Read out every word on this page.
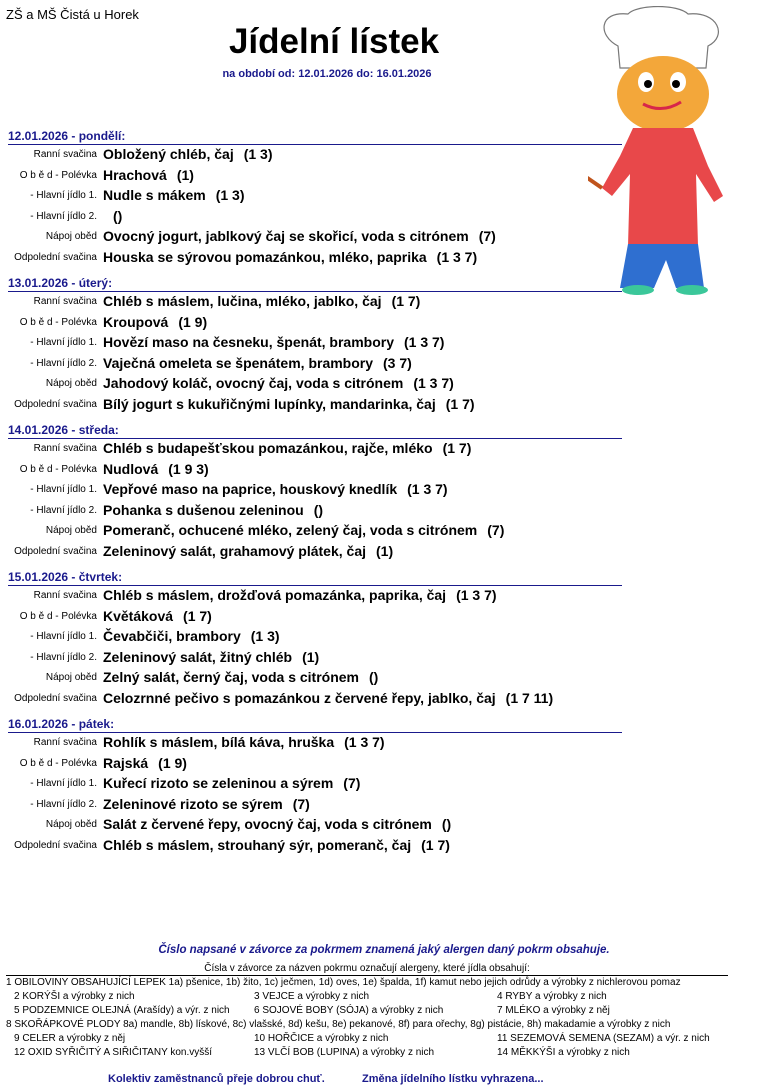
ZŠ a MŠ Čistá u Horek
Jídelní lístek
na období od: 12.01.2026 do: 16.01.2026
12.01.2026 - pondělí:
Ranní svačina Obložený chléb, čaj (1 3)
O b ě d - Polévka Hrachová (1)
- Hlavní jídlo 1. Nudle s mákem (1 3)
- Hlavní jídlo 2.	()
Nápoj oběd Ovocný jogurt, jablkový čaj se skořicí, voda s citrónem (7)
Odpolední svačina Houska se sýrovou pomazánkou, mléko, paprika (1 3 7)
13.01.2026 - úterý:
Ranní svačina Chléb s máslem, lučina, mléko, jablko, čaj (1 7)
O b ě d - Polévka Kroupová (1 9)
- Hlavní jídlo 1. Hovězí maso na česneku, špenát, brambory (1 3 7)
- Hlavní jídlo 2. Vaječná omeleta se špenátem, brambory (3 7)
Nápoj oběd Jahodový koláč, ovocný čaj, voda s citrónem (1 3 7)
Odpolední svačina Bílý jogurt s kukuřičnými lupínky, mandarinka, čaj (1 7)
14.01.2026 - středa:
Ranní svačina Chléb s budapešťskou pomazánkou, rajče, mléko (1 7)
O b ě d - Polévka Nudlová (1 9 3)
- Hlavní jídlo 1. Vepřové maso na paprice, houskový knedlík (1 3 7)
- Hlavní jídlo 2. Pohanka s dušenou zeleninou ()
Nápoj oběd Pomeranč, ochucené mléko, zelený čaj, voda s citrónem (7)
Odpolední svačina Zeleninový salát, grahamový plátek, čaj (1)
15.01.2026 - čtvrtek:
Ranní svačina Chléb s máslem, drožďová pomazánka, paprika, čaj (1 3 7)
O b ě d - Polévka Květáková (1 7)
- Hlavní jídlo 1. Čevabčiči, brambory (1 3)
- Hlavní jídlo 2. Zeleninový salát, žitný chléb (1)
Nápoj oběd Zelný salát, černý čaj, voda s citrónem ()
Odpolední svačina Celozrnné pečivo s pomazánkou z červené řepy, jablko, čaj (1 7 11)
16.01.2026 - pátek:
Ranní svačina Rohlík s máslem, bílá káva, hruška (1 3 7)
O b ě d - Polévka Rajská (1 9)
- Hlavní jídlo 1. Kuřecí rizoto se zeleninou a sýrem (7)
- Hlavní jídlo 2. Zeleninové rizoto se sýrem (7)
Nápoj oběd Salát z červené řepy, ovocný čaj, voda s citrónem ()
Odpolední svačina Chléb s máslem, strouhaný sýr, pomeranč, čaj (1 7)
Číslo napsané v závorce za pokrmem znamená jaký alergen daný pokrm obsahuje.
Čísla v závorce za názven pokrmu označují alergeny, které jídla obsahují:
1 OBILOVINY OBSAHUJÍCÍ LEPEK 1a) pšenice, 1b) žito, 1c) ječmen, 1d) oves, 1e) špalda, 1f) kamut nebo jejich odrůdy a výrobky z nichlerovou pomaz
2 KORÝŠI a výrobky z nich	3 VEJCE a výrobky z nich	4 RYBY a výrobky z nich
5 PODZEMNICE OLEJNÁ (Arašídy) a výr. z nich 6 SOJOVÉ BOBY (SÓJA) a výrobky z nich	7 MLÉKO a výrobky z něj
8 SKOŘÁPKOVÉ PLODY 8a) mandle, 8b) lískové, 8c) vlašské, 8d) kešu, 8e) pekanové, 8f) para ořechy, 8g) pistácie, 8h) makadamie a výrobky z nich
9 CELER a výrobky z něj	10 HOŘČICE a výrobky z nich	11 SEZEMOVÁ SEMENA (SEZAM) a výr. z nich
12 OXID SYŘIČITÝ A SIŘIČITANY kon.vyšší	13 VLČÍ BOB (LUPINA) a výrobky z nich	14 MĚKKÝŠI a výrobky z nich
Kolektiv zaměstnanců přeje dobrou chuť.	Změna jídelního lístku vyhrazena...
